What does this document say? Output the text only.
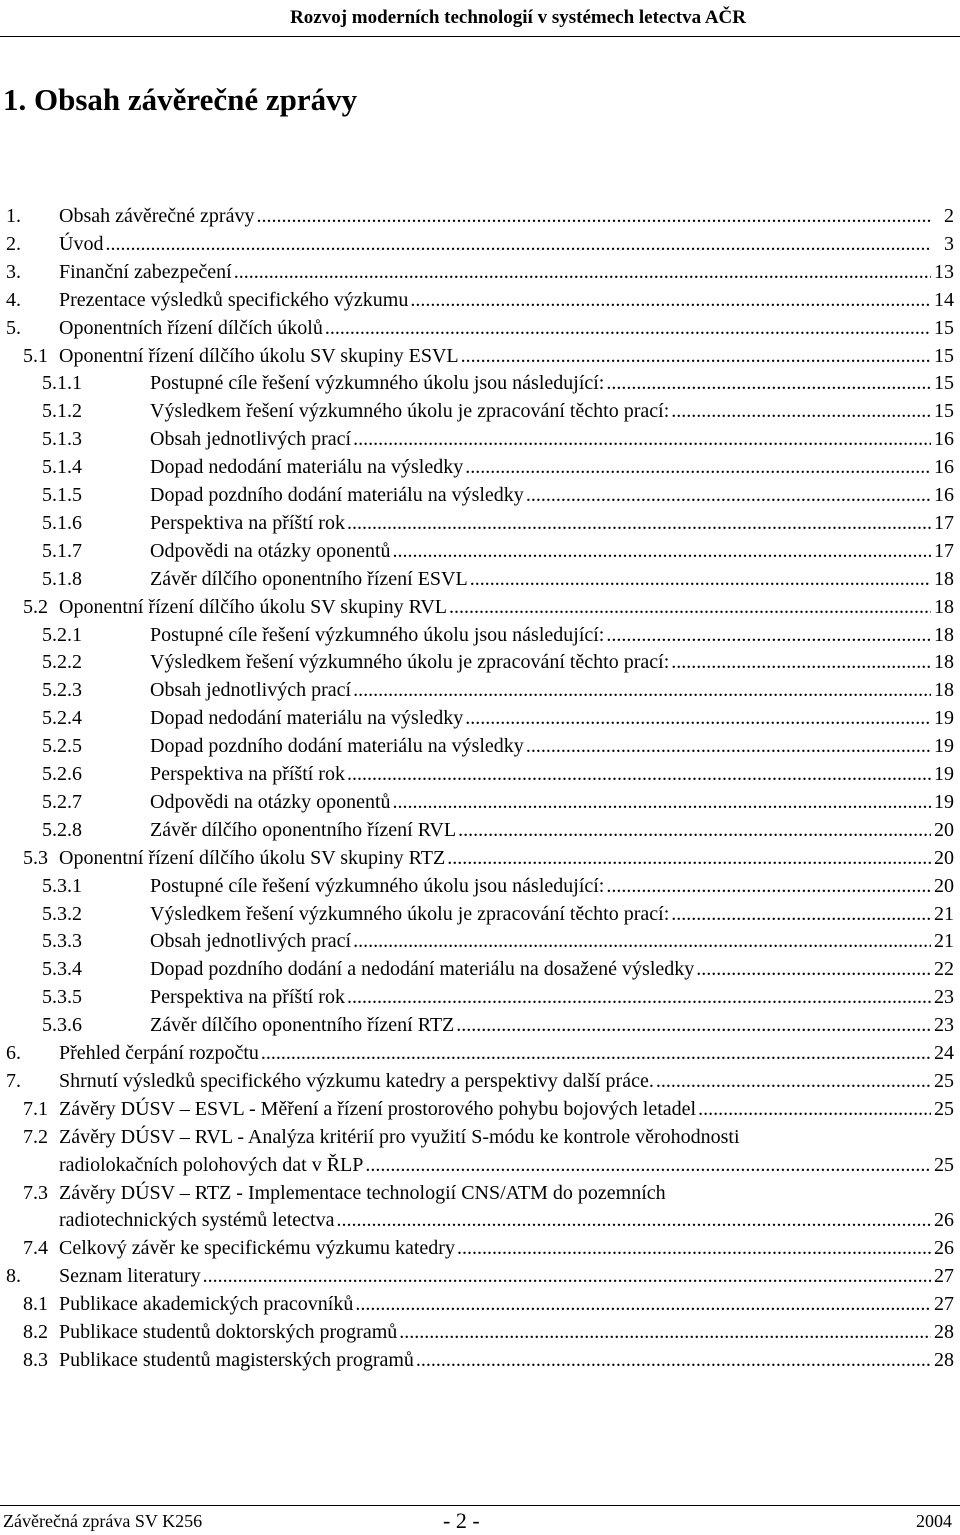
Rozvoj moderních technologií v systémech letectva AČR
1. Obsah závěrečné zprávy
1. Obsah závěrečné zprávy .....	2
2. Úvod .....	3
3. Finanční zabezpečení .....	13
4. Prezentace výsledků specifického výzkumu .....	14
5. Oponentních řízení dílčích úkolů .....	15
5.1 Oponentní řízení dílčího úkolu SV skupiny ESVL .....	15
5.1.1	Postupné cíle řešení výzkumného úkolu jsou následující: .....	15
5.1.2	Výsledkem řešení výzkumného úkolu je zpracování těchto prací: .....	15
5.1.3	Obsah jednotlivých prací .....	16
5.1.4	Dopad nedodání materiálu na výsledky .....	16
5.1.5	Dopad pozdního dodání materiálu na výsledky .....	16
5.1.6	Perspektiva na příští rok .....	17
5.1.7	Odpovědi na otázky oponentů .....	17
5.1.8	Závěr dílčího oponentního řízení ESVL .....	18
5.2 Oponentní řízení dílčího úkolu SV skupiny RVL .....	18
5.2.1	Postupné cíle řešení výzkumného úkolu jsou následující: .....	18
5.2.2	Výsledkem řešení výzkumného úkolu je zpracování těchto prací: .....	18
5.2.3	Obsah jednotlivých prací .....	18
5.2.4	Dopad nedodání materiálu na výsledky .....	19
5.2.5	Dopad pozdního dodání materiálu na výsledky .....	19
5.2.6	Perspektiva na příští rok .....	19
5.2.7	Odpovědi na otázky oponentů .....	19
5.2.8	Závěr dílčího oponentního řízení RVL .....	20
5.3 Oponentní řízení dílčího úkolu SV skupiny RTZ .....	20
5.3.1	Postupné cíle řešení výzkumného úkolu jsou následující: .....	20
5.3.2	Výsledkem řešení výzkumného úkolu je zpracování těchto prací: .....	21
5.3.3	Obsah jednotlivých prací .....	21
5.3.4	Dopad pozdního dodání a nedodání materiálu na dosažené výsledky .....	22
5.3.5	Perspektiva na příští rok .....	23
5.3.6	Závěr dílčího oponentního řízení RTZ .....	23
6. Přehled čerpání rozpočtu .....	24
7. Shrnutí výsledků specifického výzkumu katedry a perspektivy další práce. .....	25
7.1 Závěry DÚSV – ESVL - Měření a řízení prostorového pohybu bojových letadel .....	25
7.2 Závěry DÚSV – RVL - Analýza kritérií pro využití S-módu ke kontrole věrohodnosti
radiolokačních polohových dat v ŘLP .....	25
7.3 Závěry DÚSV – RTZ - Implementace technologií CNS/ATM do pozemních
radiotechnických systémů letectva .....	26
7.4 Celkový závěr ke specifickému výzkumu katedry .....	26
8. Seznam literatury .....	27
8.1 Publikace akademických pracovníků .....	27
8.2 Publikace studentů doktorských programů .....	28
8.3 Publikace studentů magisterských programů .....	28
Závěrečná zpráva SV K256	- 2 -	2004
